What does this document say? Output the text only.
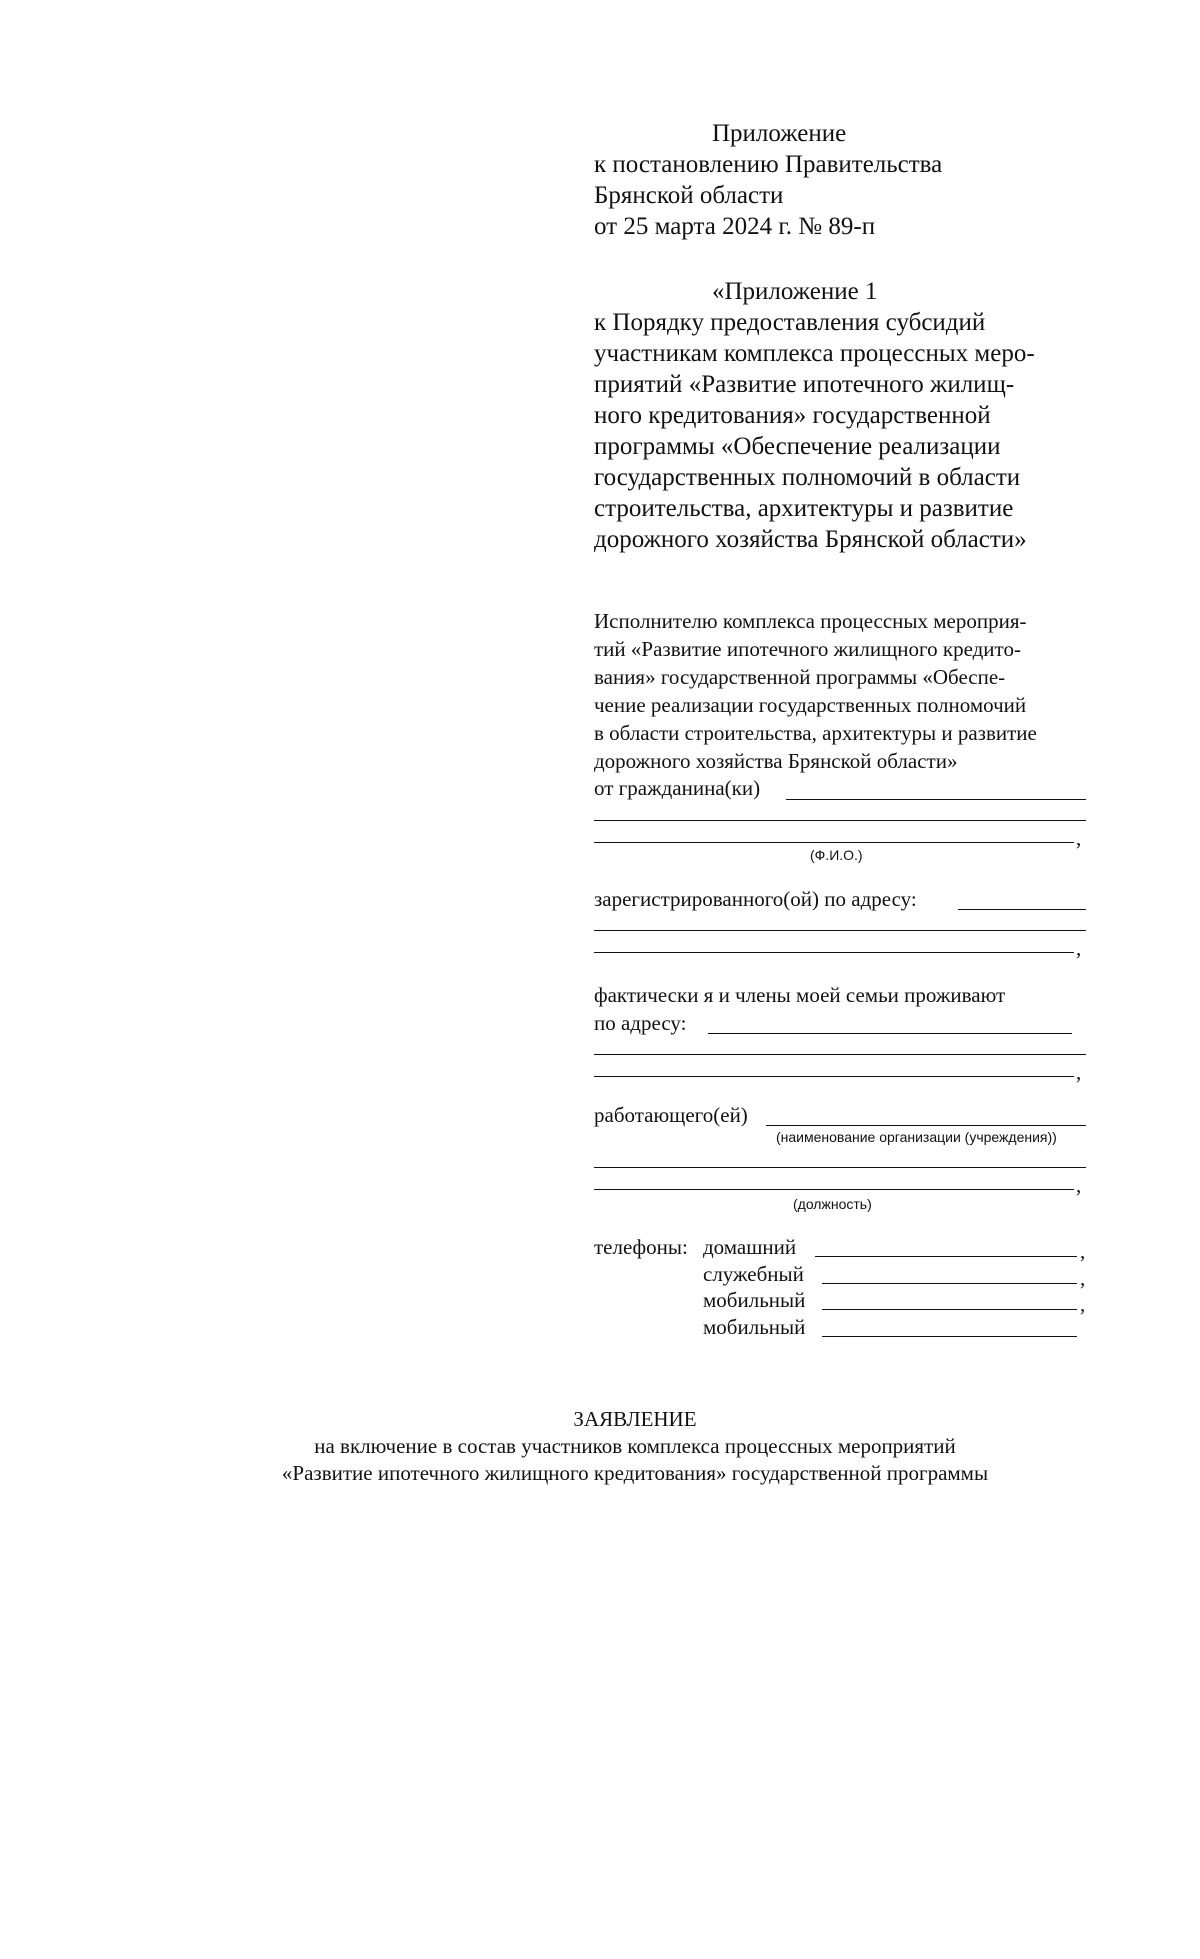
Приложение
к постановлению Правительства
Брянской области
от 25 марта 2024 г. № 89-п
«Приложение 1
к Порядку предоставления субсидий
участникам комплекса процессных меро-
приятий «Развитие ипотечного жилищ-
ного кредитования» государственной
программы «Обеспечение реализации
государственных полномочий в области
строительства, архитектуры и развитие
дорожного хозяйства Брянской области»
Исполнителю комплекса процессных мероприя-
тий «Развитие ипотечного жилищного кредито-
вания» государственной программы «Обеспе-
чение реализации государственных полномочий
в области строительства, архитектуры и развитие
дорожного хозяйства Брянской области»
от гражданина(ки)
,
(Ф.И.О.)
зарегистрированного(ой) по адресу:
,
фактически я и члены моей семьи проживают
по адресу:
,
работающего(ей)
(наименование организации (учреждения))
,
(должность)
телефоны: домашний	,
служебный	,
мобильный	,
мобильный
ЗАЯВЛЕНИЕ
на включение в состав участников комплекса процессных мероприятий
«Развитие ипотечного жилищного кредитования» государственной программы
